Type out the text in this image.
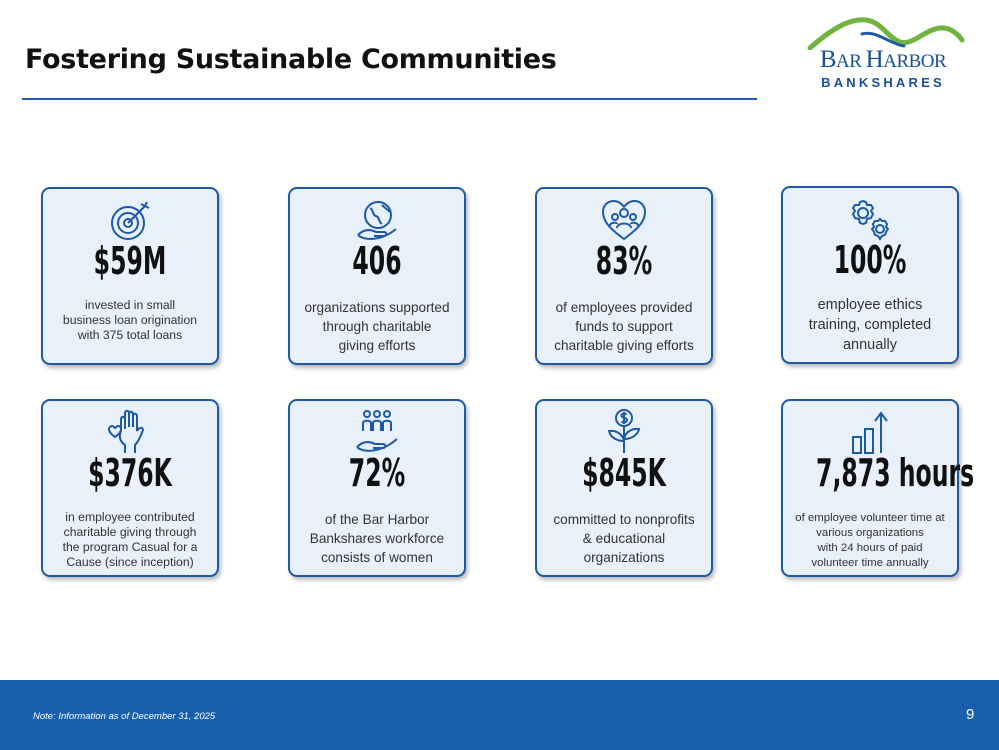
Fostering Sustainable Communities	BAR HARBOR
BANKSHARES
$59M
invested in small
business loan origination
with 375 total loans
406
organizations supported
through charitable
giving efforts
83%
of employees provided
funds to support
charitable giving efforts
100%
employee ethics
training, completed
annually
$376K
in employee contributed
charitable giving through
the program Casual for a
Cause (since inception)
72%
of the Bar Harbor
Bankshares workforce
consists of women
$845K
committed to nonprofits
& educational
organizations
7,873 hours
of employee volunteer time at
various organizations
with 24 hours of paid
volunteer time annually
Note: Information as of December 31, 2025	9
